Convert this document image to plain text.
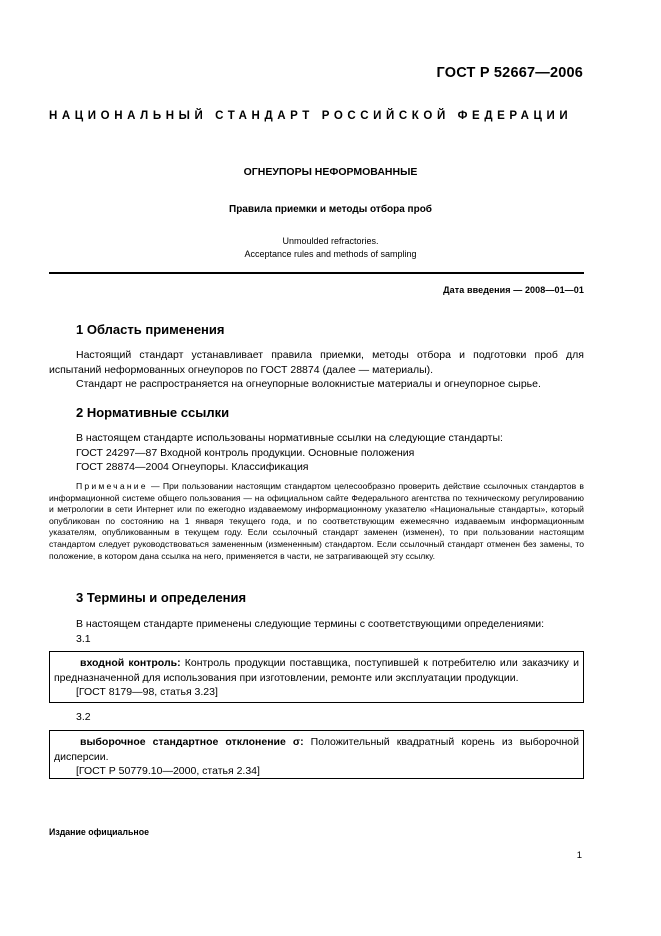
ГОСТ Р 52667—2006
НАЦИОНАЛЬНЫЙ СТАНДАРТ РОССИЙСКОЙ ФЕДЕРАЦИИ
ОГНЕУПОРЫ НЕФОРМОВАННЫЕ
Правила приемки и методы отбора проб
Unmoulded refractories.
Acceptance rules and methods of sampling
Дата введения — 2008—01—01
1 Область применения
Настоящий стандарт устанавливает правила приемки, методы отбора и подготовки проб для испытаний неформованных огнеупоров по ГОСТ 28874 (далее — материалы).
Стандарт не распространяется на огнеупорные волокнистые материалы и огнеупорное сырье.
2 Нормативные ссылки
В настоящем стандарте использованы нормативные ссылки на следующие стандарты:
ГОСТ 24297—87 Входной контроль продукции. Основные положения
ГОСТ 28874—2004 Огнеупоры. Классификация
Примечание — При пользовании настоящим стандартом целесообразно проверить действие ссылочных стандартов в информационной системе общего пользования — на официальном сайте Федерального агентства по техническому регулированию и метрологии в сети Интернет или по ежегодно издаваемому информационному указателю «Национальные стандарты», который опубликован по состоянию на 1 января текущего года, и по соответствующим ежемесячно издаваемым информационным указателям, опубликованным в текущем году. Если ссылочный стандарт заменен (изменен), то при пользовании настоящим стандартом следует руководствоваться замененным (измененным) стандартом. Если ссылочный стандарт отменен без замены, то положение, в котором дана ссылка на него, применяется в части, не затрагивающей эту ссылку.
3 Термины и определения
В настоящем стандарте применены следующие термины с соответствующими определениями:
3.1
входной контроль: Контроль продукции поставщика, поступившей к потребителю или заказчику и предназначенной для использования при изготовлении, ремонте или эксплуатации продукции.
[ГОСТ 8179—98, статья 3.23]
3.2
выборочное стандартное отклонение σ: Положительный квадратный корень из выборочной дисперсии.
[ГОСТ Р 50779.10—2000, статья 2.34]
Издание официальное
1
